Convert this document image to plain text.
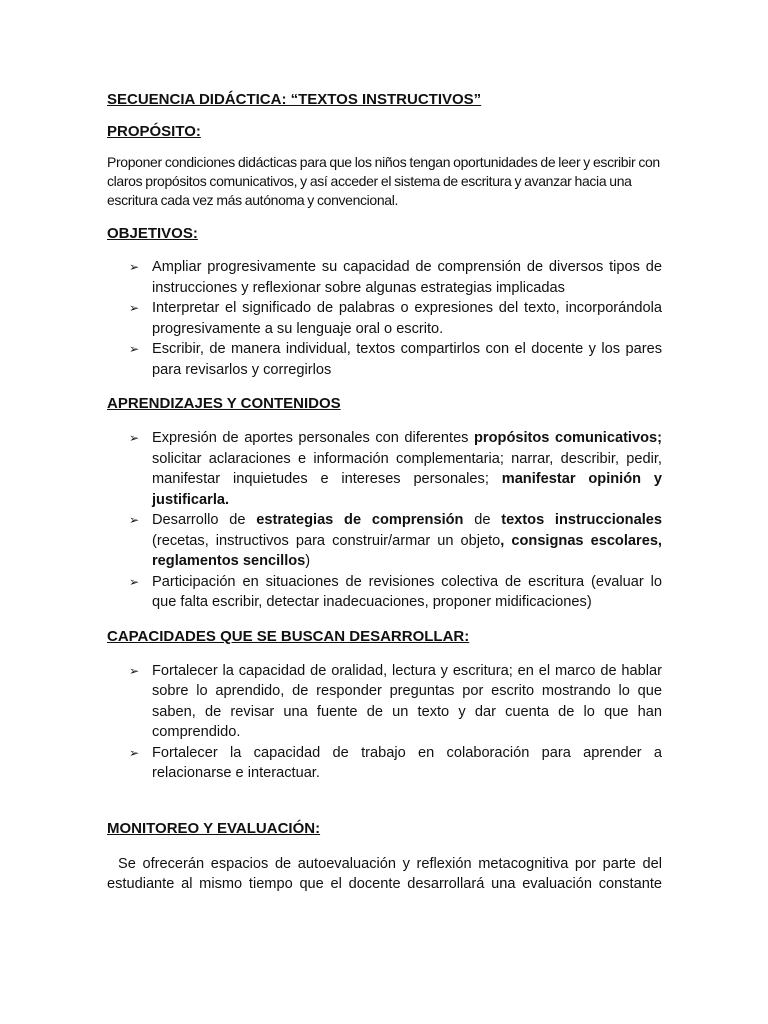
SECUENCIA DIDÁCTICA: “TEXTOS INSTRUCTIVOS”
PROPÓSITO:

Proponer condiciones didácticas para que los niños tengan oportunidades de leer y escribir con claros propósitos comunicativos, y así acceder el sistema de escritura y avanzar hacia una escritura cada vez más autónoma y convencional.

OBJETIVOS:
➢ Ampliar progresivamente su capacidad de comprensión de diversos tipos de instrucciones y reflexionar sobre algunas estrategias implicadas
➢ Interpretar el significado de palabras o expresiones del texto, incorporándola progresivamente a su lenguaje oral o escrito.
➢ Escribir, de manera individual, textos compartirlos con el docente y los pares para revisarlos y corregirlos
APRENDIZAJES Y CONTENIDOS
➢ Expresión de aportes personales con diferentes propósitos comunicativos; solicitar aclaraciones e información complementaria; narrar, describir, pedir, manifestar inquietudes e intereses personales; manifestar opinión y justificarla.
➢ Desarrollo de estrategias de comprensión de textos instruccionales (recetas, instructivos para construir/armar un objeto, consignas escolares, reglamentos sencillos)
➢ Participación en situaciones de revisiones colectiva de escritura (evaluar lo que falta escribir, detectar inadecuaciones, proponer midificaciones)
CAPACIDADES QUE SE BUSCAN DESARROLLAR:
➢ Fortalecer la capacidad de oralidad, lectura y escritura; en el marco de hablar sobre lo aprendido, de responder preguntas por escrito mostrando lo que saben, de revisar una fuente de un texto y dar cuenta de lo que han comprendido.
➢ Fortalecer la capacidad de trabajo en colaboración para aprender a relacionarse e interactuar.
MONITOREO Y EVALUACIÓN:

Se ofrecerán espacios de autoevaluación y reflexión metacognitiva por parte del estudiante al mismo tiempo que el docente desarrollará una evaluación constante
